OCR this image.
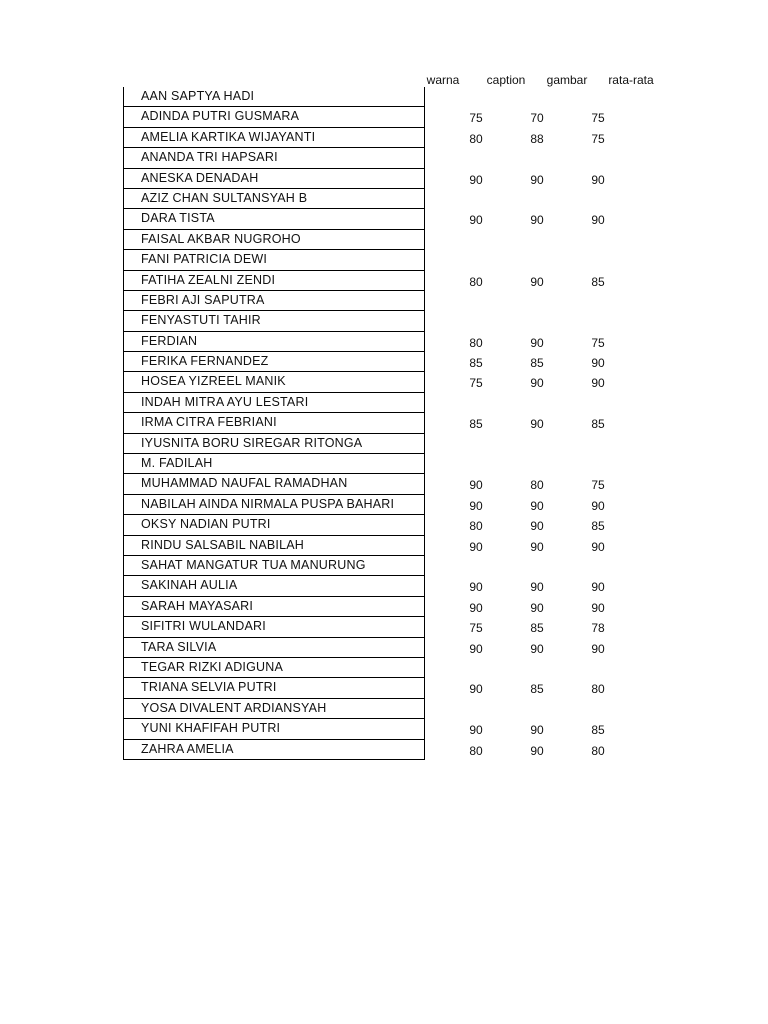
warna	caption	gambar	rata-rata
AAN SAPTYA HADI
ADINDA PUTRI GUSMARA	75	70	75
AMELIA KARTIKA WIJAYANTI	80	88	75
ANANDA TRI HAPSARI
ANESKA DENADAH	90	90	90
AZIZ CHAN SULTANSYAH B
DARA TISTA	90	90	90
FAISAL AKBAR NUGROHO
FANI PATRICIA DEWI
FATIHA ZEALNI ZENDI	80	90	85
FEBRI AJI SAPUTRA
FENYASTUTI TAHIR
FERDIAN	80	90	75
FERIKA FERNANDEZ	85	85	90
HOSEA YIZREEL MANIK	75	90	90
INDAH MITRA AYU LESTARI
IRMA CITRA FEBRIANI	85	90	85
IYUSNITA BORU SIREGAR RITONGA
M. FADILAH
MUHAMMAD NAUFAL RAMADHAN	90	80	75
NABILAH AINDA NIRMALA PUSPA BAHARI	90	90	90
OKSY NADIAN PUTRI	80	90	85
RINDU SALSABIL NABILAH	90	90	90
SAHAT MANGATUR TUA MANURUNG
SAKINAH AULIA	90	90	90
SARAH MAYASARI	90	90	90
SIFITRI WULANDARI	75	85	78
TARA SILVIA	90	90	90
TEGAR RIZKI ADIGUNA
TRIANA SELVIA PUTRI	90	85	80
YOSA DIVALENT ARDIANSYAH
YUNI KHAFIFAH PUTRI	90	90	85
ZAHRA AMELIA	80	90	80
